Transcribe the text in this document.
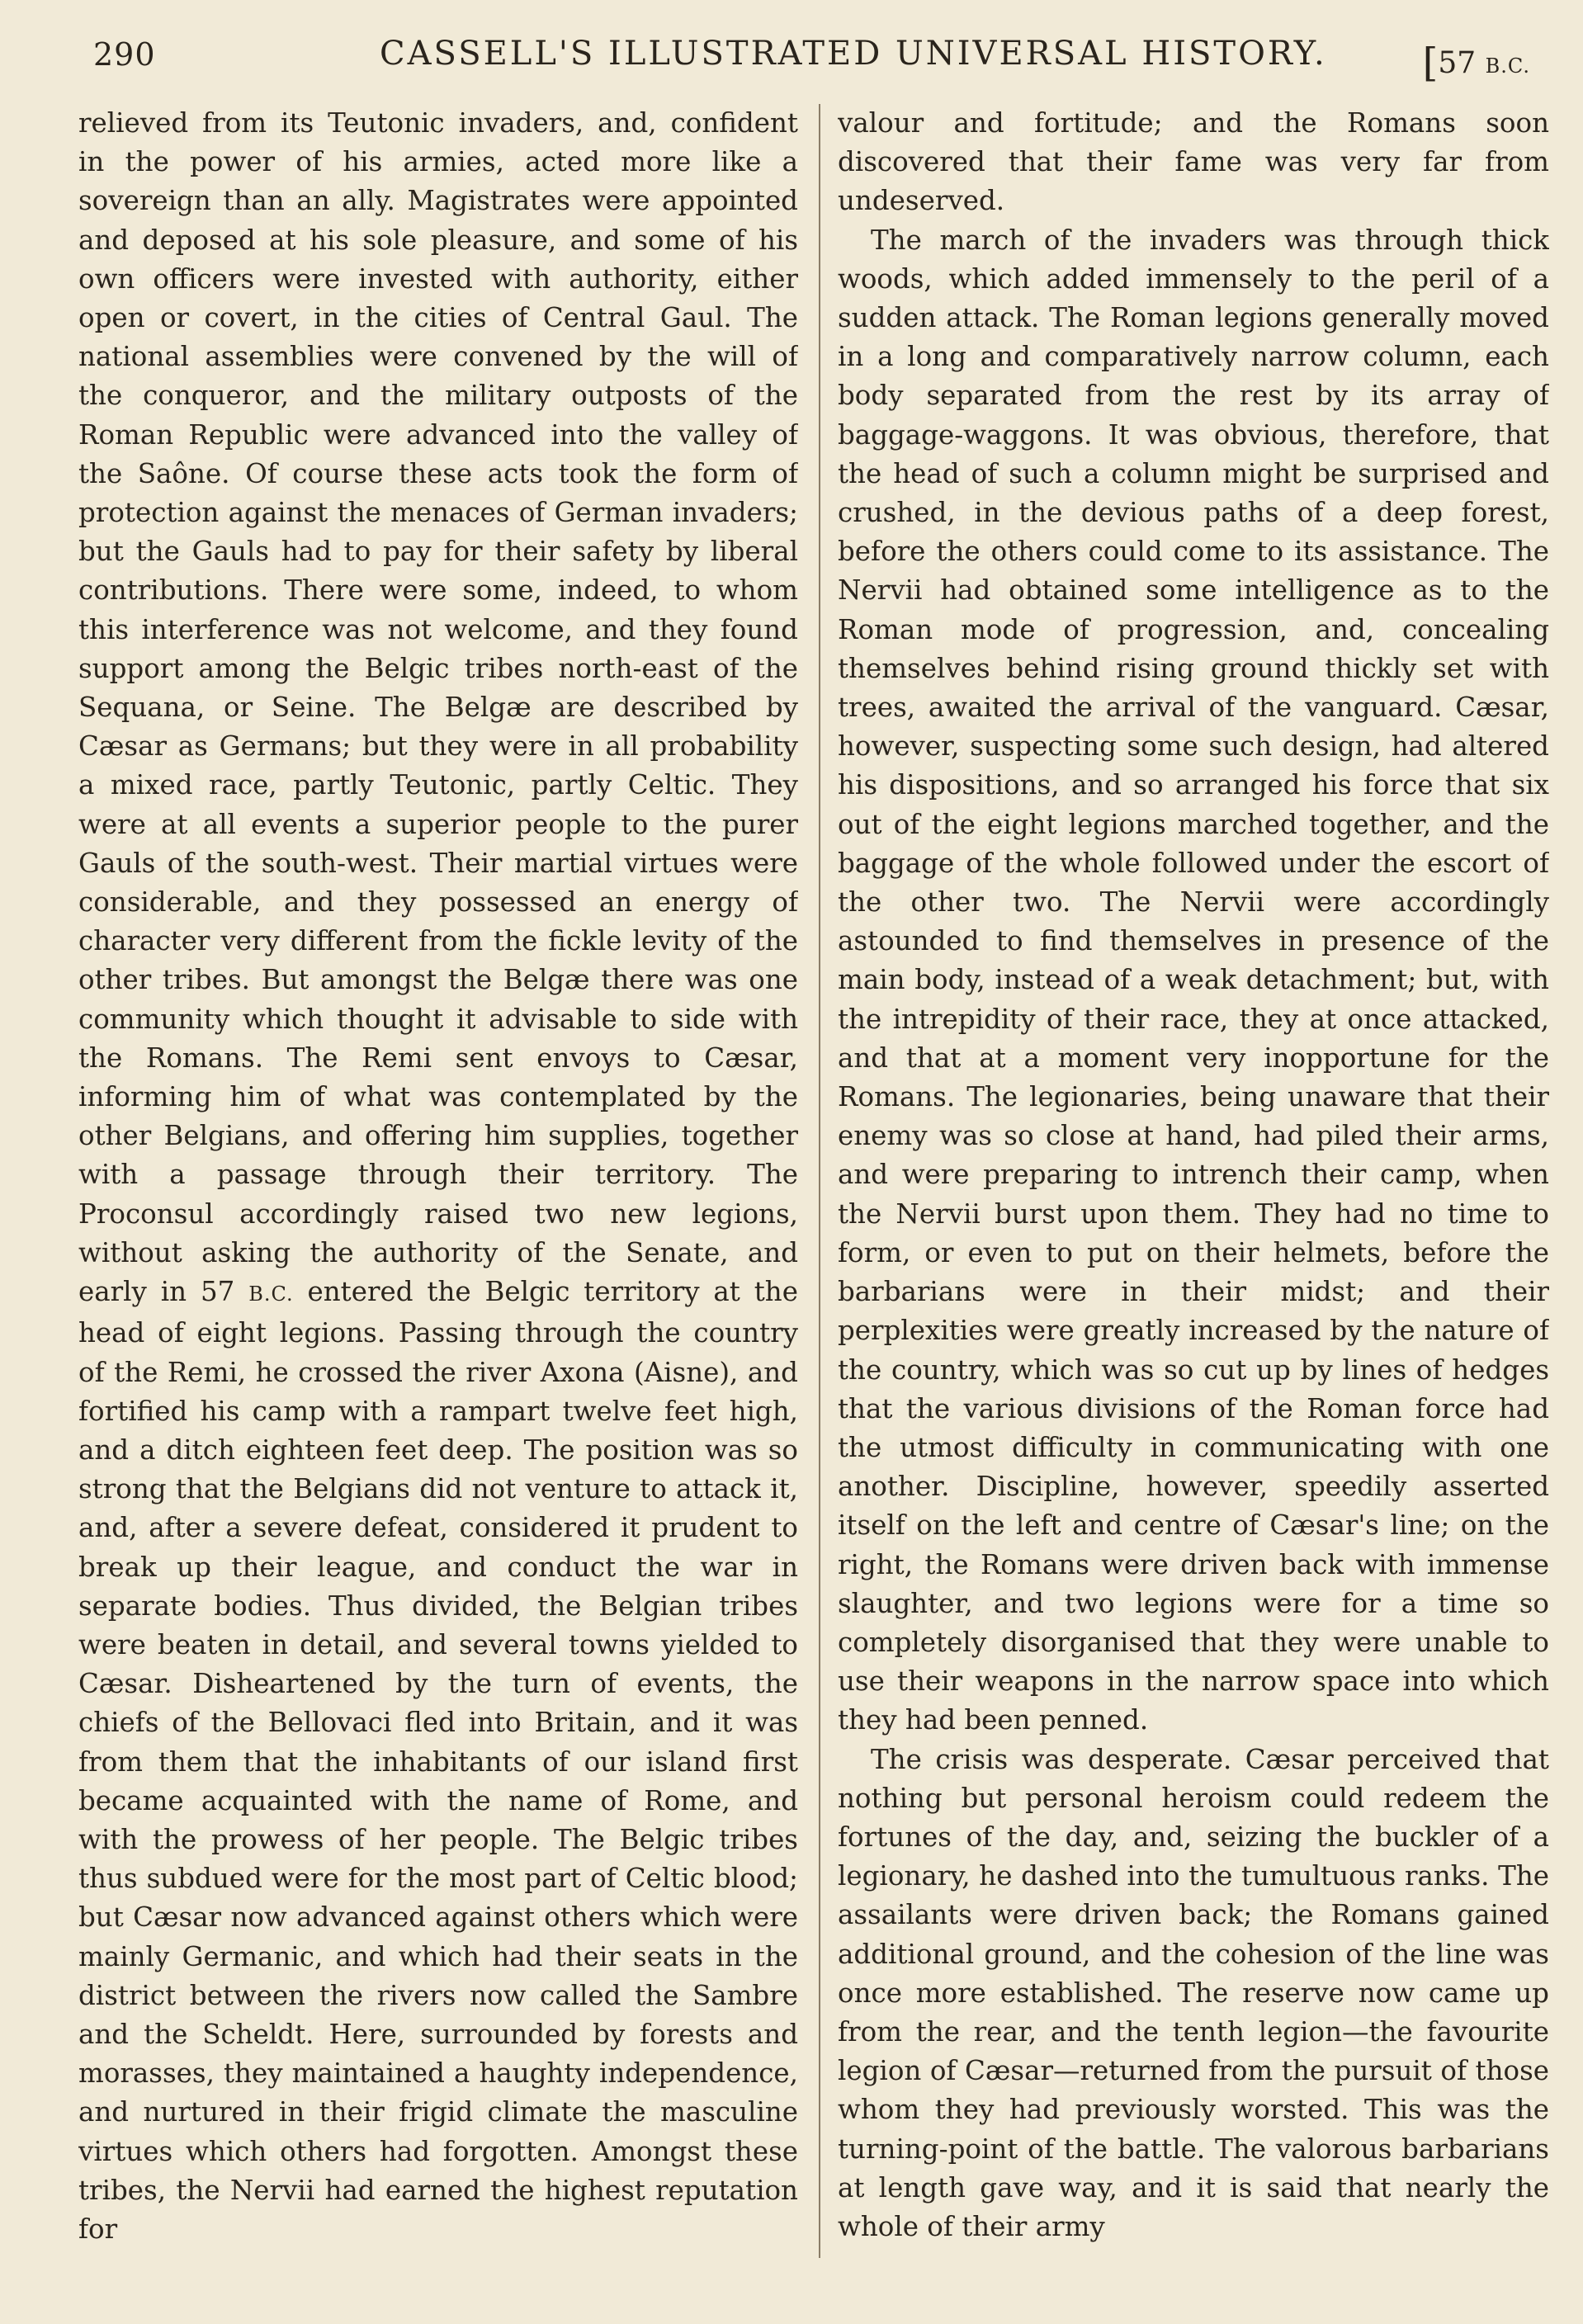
290	CASSELL'S ILLUSTRATED UNIVERSAL HISTORY. [57 B.C.

relieved from its Teutonic invaders, and, confident in the power of his armies, acted more like a sovereign than an ally. Magistrates were appointed and deposed at his sole pleasure, and some of his own officers were invested with authority, either open or covert, in the cities of Central Gaul. The national assemblies were convened by the will of the conqueror, and the military outposts of the Roman Republic were advanced into the valley of the Saône. Of course these acts took the form of protection against the menaces of German invaders; but the Gauls had to pay for their safety by liberal contributions. There were some, indeed, to whom this interference was not welcome, and they found support among the Belgic tribes north-east of the Sequana, or Seine. The Belgæ are described by Cæsar as Germans; but they were in all probability a mixed race, partly Teutonic, partly Celtic. They were at all events a superior people to the purer Gauls of the south-west. Their martial virtues were considerable, and they possessed an energy of character very different from the fickle levity of the other tribes. But amongst the Belgæ there was one community which thought it advisable to side with the Romans. The Remi sent envoys to Cæsar, informing him of what was contemplated by the other Belgians, and offering him supplies, together with a passage through their territory. The Proconsul accordingly raised two new legions, without asking the authority of the Senate, and early in 57 B.C. entered the Belgic territory at the head of eight legions. Passing through the country of the Remi, he crossed the river Axona (Aisne), and fortified his camp with a rampart twelve feet high, and a ditch eighteen feet deep. The position was so strong that the Belgians did not venture to attack it, and, after a severe defeat, considered it prudent to break up their league, and conduct the war in separate bodies. Thus divided, the Belgian tribes were beaten in detail, and several towns yielded to Cæsar. Disheartened by the turn of events, the chiefs of the Bellovaci fled into Britain, and it was from them that the inhabitants of our island first became acquainted with the name of Rome, and with the prowess of her people. The Belgic tribes thus subdued were for the most part of Celtic blood; but Cæsar now advanced against others which were mainly Germanic, and which had their seats in the district between the rivers now called the Sambre and the Scheldt. Here, surrounded by forests and morasses, they maintained a haughty independence, and nurtured in their frigid climate the masculine virtues which others had forgotten. Amongst these tribes, the Nervii had earned the highest reputation for

valour and fortitude; and the Romans soon discovered that their fame was very far from undeserved.

The march of the invaders was through thick woods, which added immensely to the peril of a sudden attack. The Roman legions generally moved in a long and comparatively narrow column, each body separated from the rest by its array of baggage-waggons. It was obvious, therefore, that the head of such a column might be surprised and crushed, in the devious paths of a deep forest, before the others could come to its assistance. The Nervii had obtained some intelligence as to the Roman mode of progression, and, concealing themselves behind rising ground thickly set with trees, awaited the arrival of the vanguard. Cæsar, however, suspecting some such design, had altered his dispositions, and so arranged his force that six out of the eight legions marched together, and the baggage of the whole followed under the escort of the other two. The Nervii were accordingly astounded to find themselves in presence of the main body, instead of a weak detachment; but, with the intrepidity of their race, they at once attacked, and that at a moment very inopportune for the Romans. The legionaries, being unaware that their enemy was so close at hand, had piled their arms, and were preparing to intrench their camp, when the Nervii burst upon them. They had no time to form, or even to put on their helmets, before the barbarians were in their midst; and their perplexities were greatly increased by the nature of the country, which was so cut up by lines of hedges that the various divisions of the Roman force had the utmost difficulty in communicating with one another. Discipline, however, speedily asserted itself on the left and centre of Cæsar's line; on the right, the Romans were driven back with immense slaughter, and two legions were for a time so completely disorganised that they were unable to use their weapons in the narrow space into which they had been penned.

The crisis was desperate. Cæsar perceived that nothing but personal heroism could redeem the fortunes of the day, and, seizing the buckler of a legionary, he dashed into the tumultuous ranks. The assailants were driven back; the Romans gained additional ground, and the cohesion of the line was once more established. The reserve now came up from the rear, and the tenth legion—the favourite legion of Cæsar—returned from the pursuit of those whom they had previously worsted. This was the turning-point of the battle. The valorous barbarians at length gave way, and it is said that nearly the whole of their army
